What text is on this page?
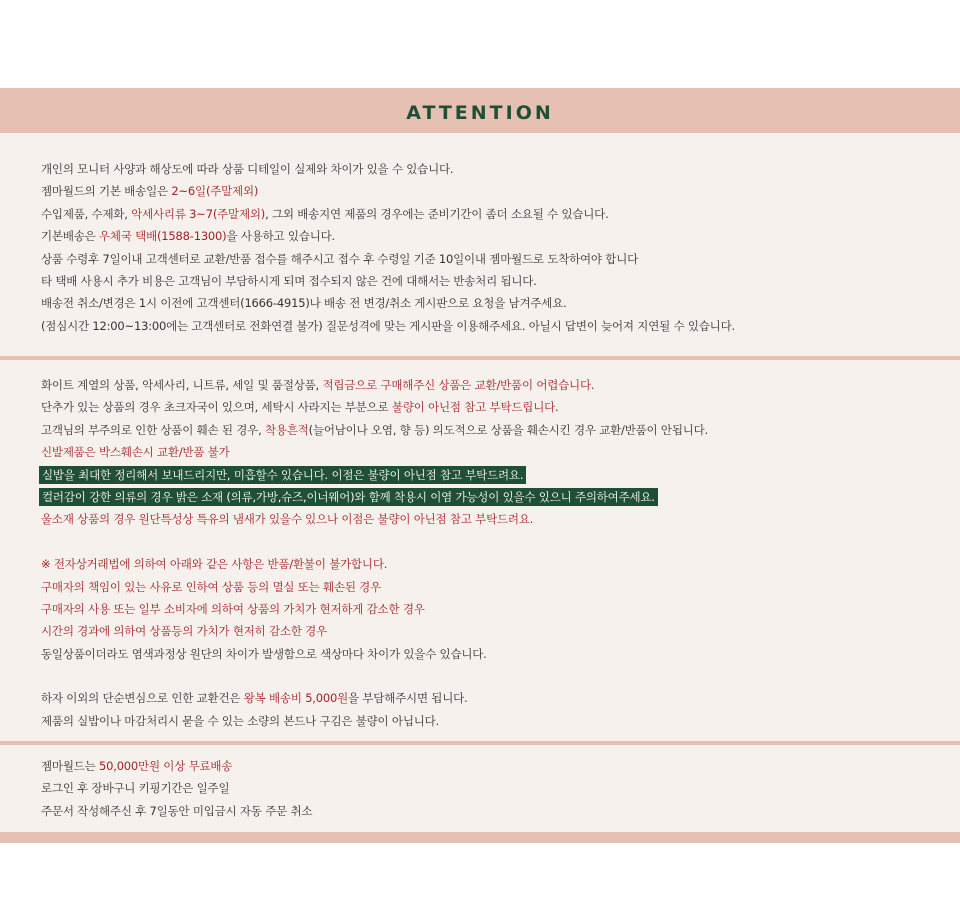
ATTENTION
개인의 모니터 사양과 해상도에 따라 상품 디테일이 실제와 차이가 있을 수 있습니다.
젬마월드의 기본 배송일은 2~6일(주말제외)
수입제품, 수제화, 악세사리류 3~7(주말제외), 그외 배송지연 제품의 경우에는 준비기간이 좀더 소요될 수 있습니다.
기본배송은 우체국 택배(1588-1300)을 사용하고 있습니다.
상품 수령후 7일이내 고객센터로 교환/반품 접수를 해주시고 접수 후 수령일 기준 10일이내 젬마월드로 도착하여야 합니다
타 택배 사용시 추가 비용은 고객님이 부담하시게 되며 접수되지 않은 건에 대해서는 반송처리 됩니다.
배송전 취소/변경은 1시 이전에 고객센터(1666-4915)나 배송 전 변경/취소 게시판으로 요청을 남겨주세요.
(점심시간 12:00~13:00에는 고객센터로 전화연결 불가) 질문성격에 맞는 게시판을 이용해주세요. 아닐시 답변이 늦어져 지연될 수 있습니다.
화이트 계열의 상품, 악세사리, 니트류, 세일 및 품절상품, 적립금으로 구매해주신 상품은 교환/반품이 어렵습니다.
단추가 있는 상품의 경우 초크자국이 있으며, 세탁시 사라지는 부분으로 불량이 아닌점 참고 부탁드립니다.
고객님의 부주의로 인한 상품이 훼손 된 경우, 착용흔적(늘어남이나 오염, 향 등) 의도적으로 상품을 훼손시킨 경우 교환/반품이 안됩니다.
신발제품은 박스훼손시 교환/반품 불가
실밥을 최대한 정리해서 보내드리지만, 미흡할수 있습니다. 이점은 불량이 아닌점 참고 부탁드려요.
컬러감이 강한 의류의 경우 밝은 소재 (의류,가방,슈즈,이너웨어)와 함께 착용시 이염 가능성이 있을수 있으니 주의하여주세요.
울소재 상품의 경우 원단특성상 특유의 냄새가 있을수 있으나 이점은 불량이 아닌점 참고 부탁드려요.
※ 전자상거래법에 의하여 아래와 같은 사항은 반품/환불이 불가합니다.
구매자의 책임이 있는 사유로 인하여 상품 등의 멸실 또는 훼손된 경우
구매자의 사용 또는 일부 소비자에 의하여 상품의 가치가 현저하게 감소한 경우
시간의 경과에 의하여 상품등의 가치가 현저히 감소한 경우
동일상품이더라도 염색과정상 원단의 차이가 발생함으로 색상마다 차이가 있을수 있습니다.
하자 이외의 단순변심으로 인한 교환건은 왕복 배송비 5,000원을 부담해주시면 됩니다.
제품의 실밥이나 마감처리시 묻을 수 있는 소량의 본드나 구김은 불량이 아닙니다.
젬마월드는 50,000만원 이상 무료배송
로그인 후 장바구니 키핑기간은 일주일
주문서 작성해주신 후 7일동안 미입금시 자동 주문 취소
